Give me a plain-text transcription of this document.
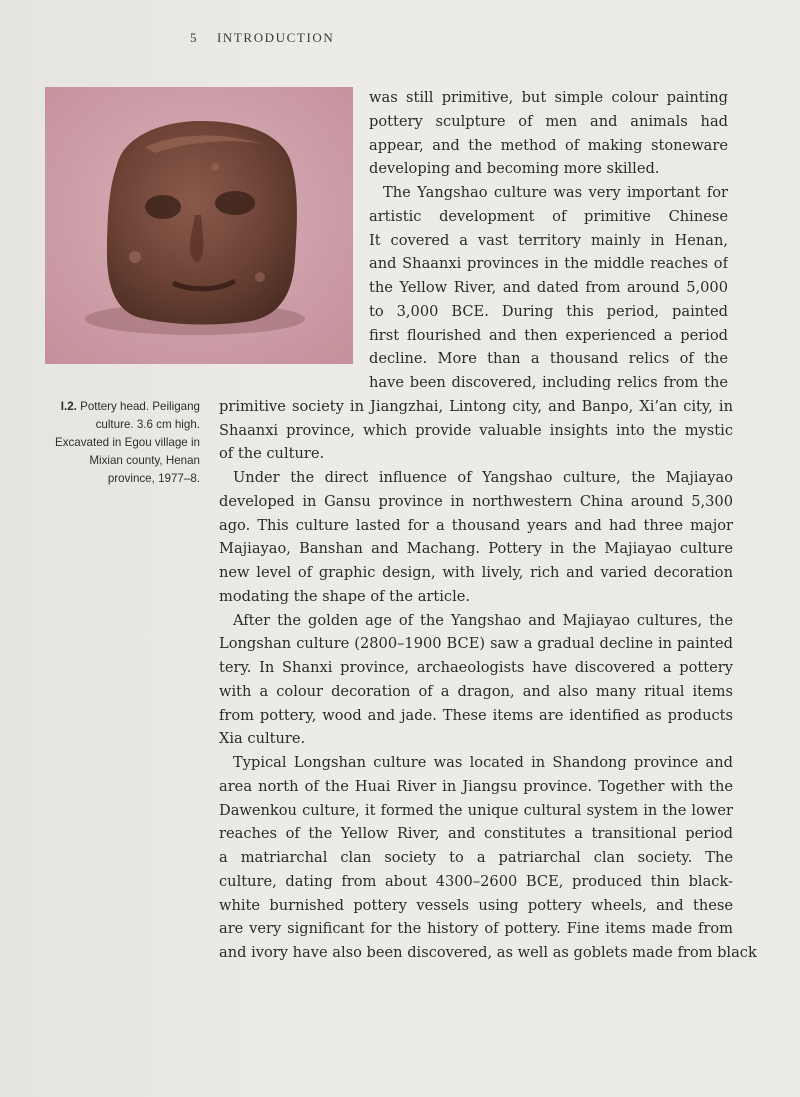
5 INTRODUCTION
I.2. Pottery head. Peiligang culture. 3.6 cm high. Excavated in Egou village in Mixian county, Henan province, 1977–8.
was still primitive, but simple colour painting
pottery sculpture of men and animals had
appear, and the method of making stoneware
developing and becoming more skilled.
The Yangshao culture was very important for
artistic development of primitive Chinese
It covered a vast territory mainly in Henan,
and Shaanxi provinces in the middle reaches of
the Yellow River, and dated from around 5,000
to 3,000 BCE. During this period, painted
first flourished and then experienced a period
decline. More than a thousand relics of the
have been discovered, including relics from the
primitive society in Jiangzhai, Lintong city, and Banpo, Xi’an city, in
Shaanxi province, which provide valuable insights into the mystic
of the culture.
Under the direct influence of Yangshao culture, the Majiayao
developed in Gansu province in northwestern China around 5,300
ago. This culture lasted for a thousand years and had three major
Majiayao, Banshan and Machang. Pottery in the Majiayao culture
new level of graphic design, with lively, rich and varied decoration
modating the shape of the article.
After the golden age of the Yangshao and Majiayao cultures, the
Longshan culture (2800–1900 BCE) saw a gradual decline in painted
tery. In Shanxi province, archaeologists have discovered a pottery
with a colour decoration of a dragon, and also many ritual items
from pottery, wood and jade. These items are identified as products
Xia culture.
Typical Longshan culture was located in Shandong province and
area north of the Huai River in Jiangsu province. Together with the
Dawenkou culture, it formed the unique cultural system in the lower
reaches of the Yellow River, and constitutes a transitional period
a matriarchal clan society to a patriarchal clan society. The
culture, dating from about 4300–2600 BCE, produced thin black-
white burnished pottery vessels using pottery wheels, and these
are very significant for the history of pottery. Fine items made from
and ivory have also been discovered, as well as goblets made from black
